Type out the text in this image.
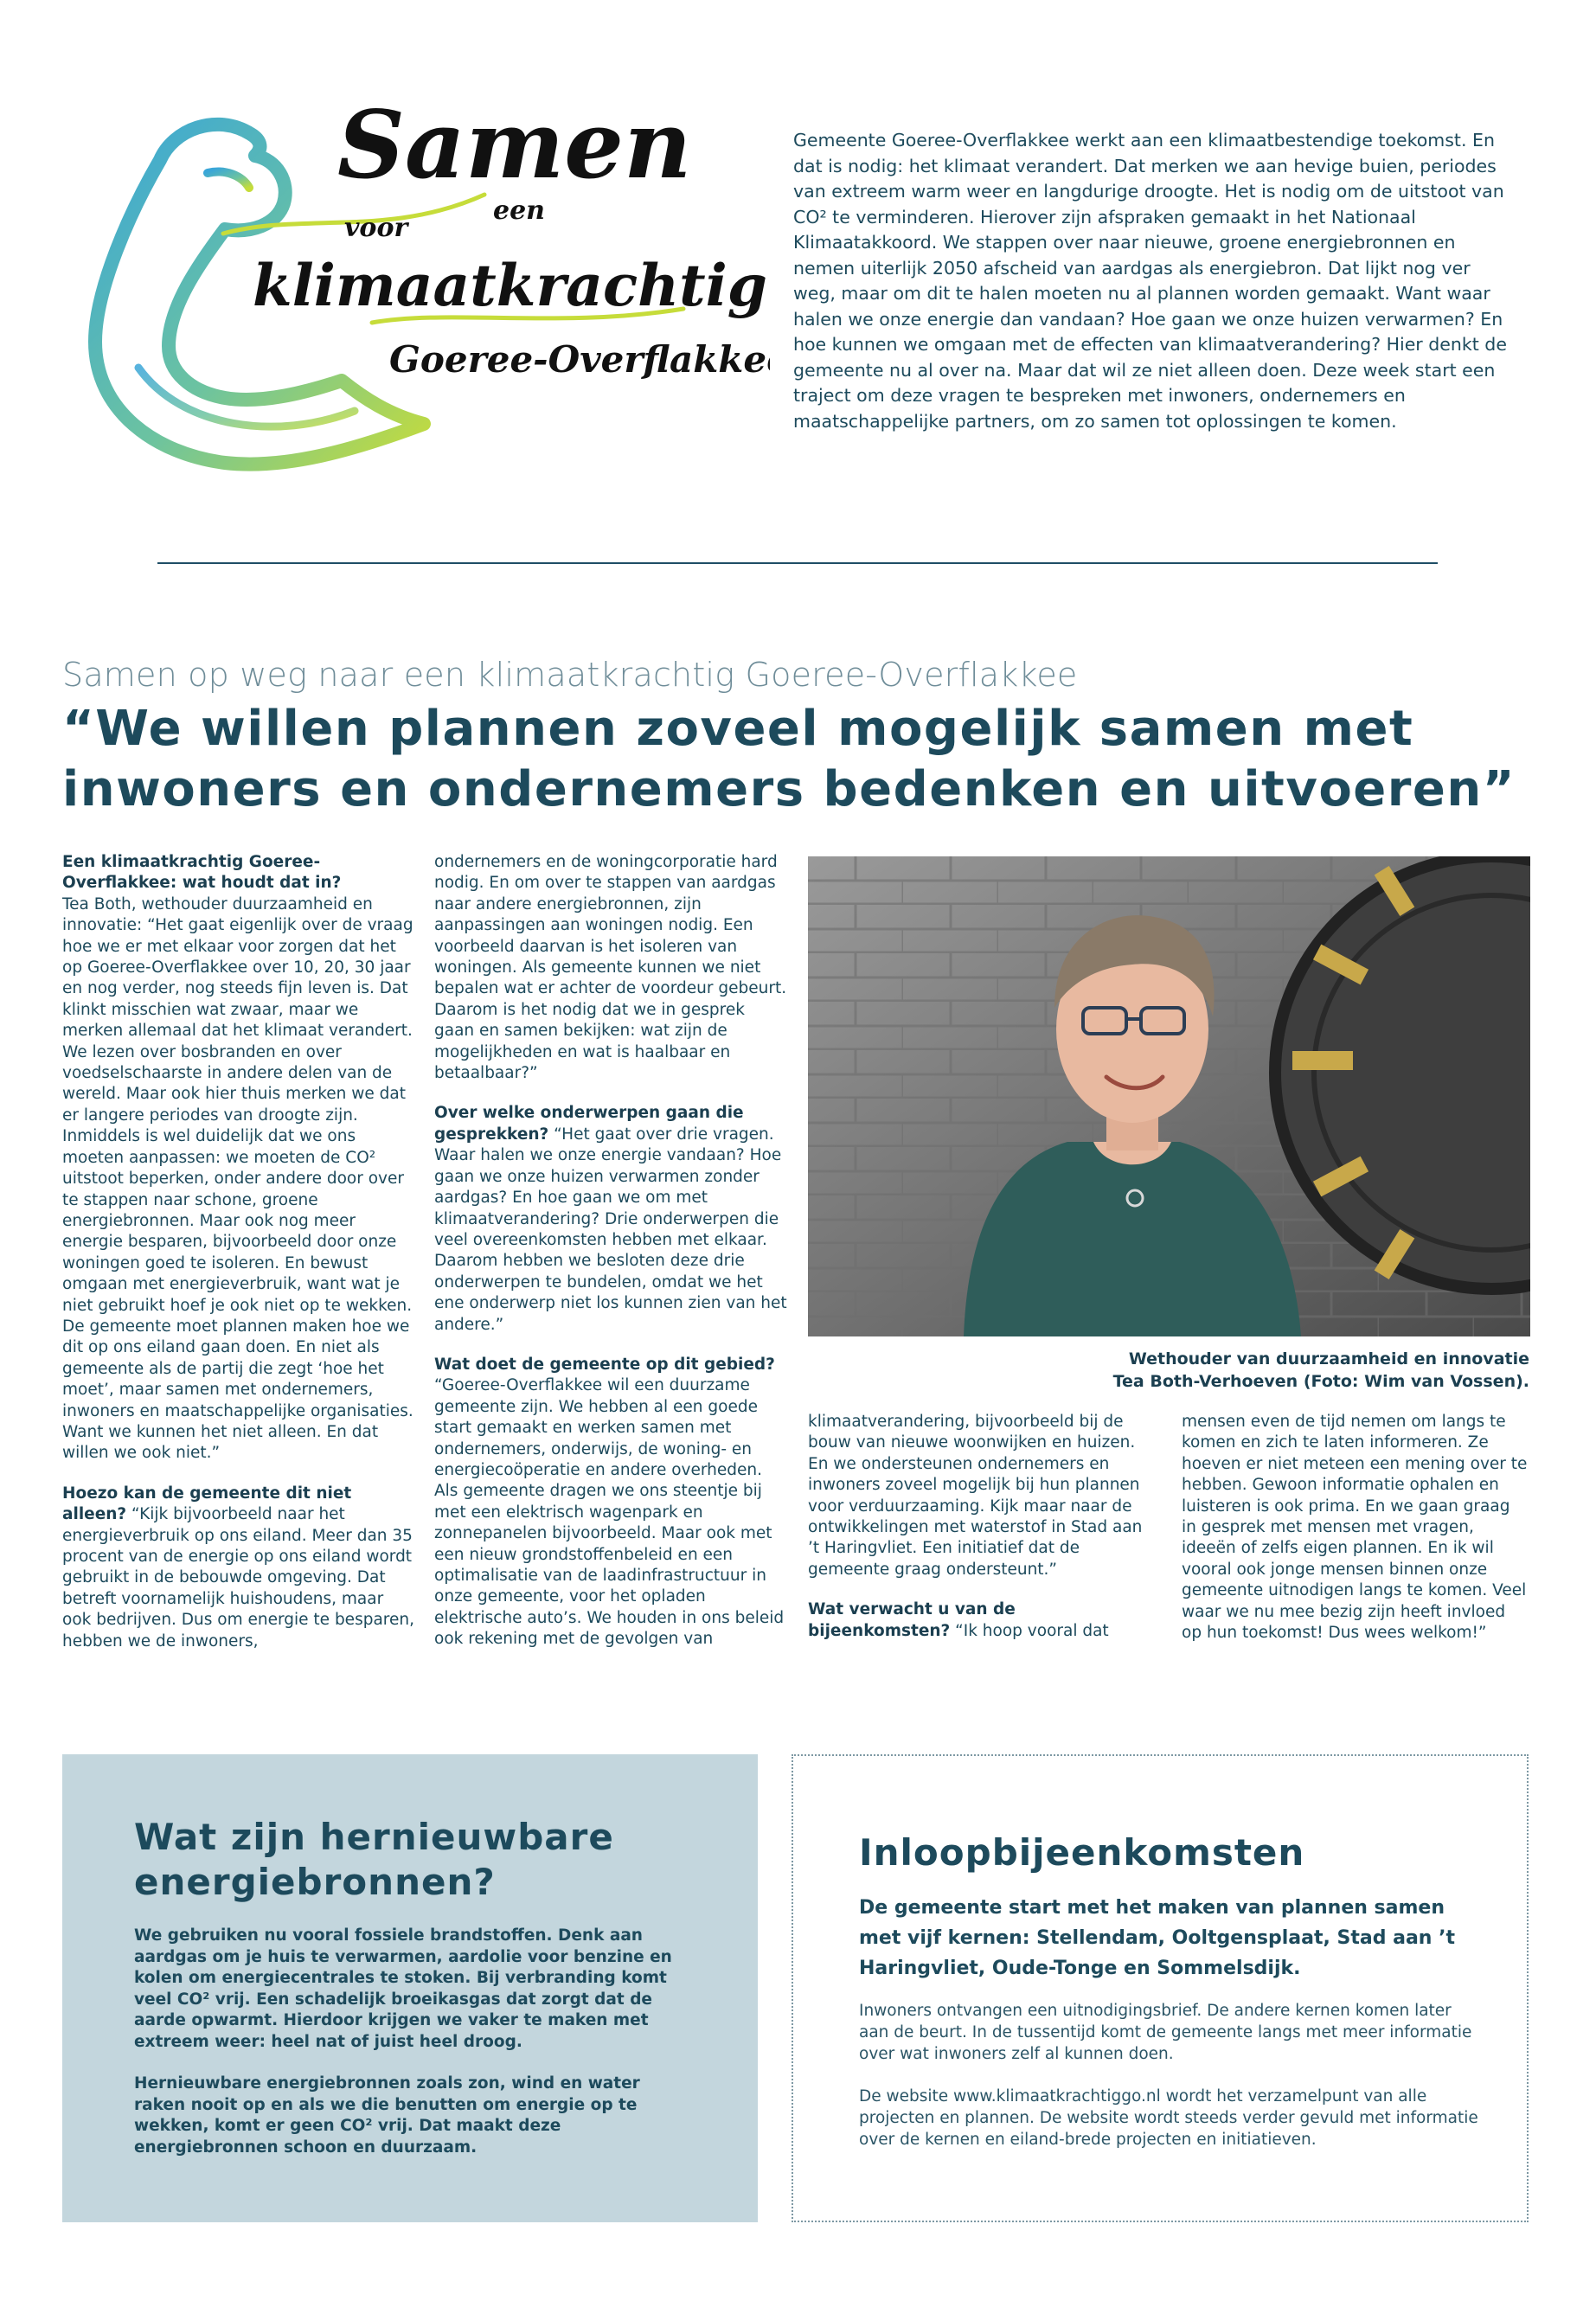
Samen
voor
een
klimaatkrachtig
Goeree-Overflakkee
Gemeente Goeree-Overflakkee werkt aan een klimaatbestendige toekomst. En dat is nodig: het klimaat verandert. Dat merken we aan hevige buien, periodes van extreem warm weer en langdurige droogte. Het is nodig om de uitstoot van CO² te verminderen. Hierover zijn afspraken gemaakt in het Nationaal Klimaatakkoord. We stappen over naar nieuwe, groene energiebronnen en nemen uiterlijk 2050 afscheid van aardgas als energiebron. Dat lijkt nog ver weg, maar om dit te halen moeten nu al plannen worden gemaakt. Want waar halen we onze energie dan vandaan? Hoe gaan we onze huizen verwarmen? En hoe kunnen we omgaan met de effecten van klimaatverandering? Hier denkt de gemeente nu al over na. Maar dat wil ze niet alleen doen. Deze week start een traject om deze vragen te bespreken met inwoners, ondernemers en maatschappelijke partners, om zo samen tot oplossingen te komen.
Samen op weg naar een klimaatkrachtig Goeree-Overflakkee
“We willen plannen zoveel mogelijk samen met inwoners en ondernemers bedenken en uitvoeren”

Een klimaatkrachtig Goeree-Overflakkee: wat houdt dat in?
Tea Both, wethouder duurzaamheid en innovatie: “Het gaat eigenlijk over de vraag hoe we er met elkaar voor zorgen dat het op Goeree-Overflakkee over 10, 20, 30 jaar en nog verder, nog steeds fijn leven is. Dat klinkt misschien wat zwaar, maar we merken allemaal dat het klimaat verandert. We lezen over bosbranden en over voedselschaarste in andere delen van de wereld. Maar ook hier thuis merken we dat er langere periodes van droogte zijn. Inmiddels is wel duidelijk dat we ons moeten aanpassen: we moeten de CO² uitstoot beperken, onder andere door over te stappen naar schone, groene energiebronnen. Maar ook nog meer energie besparen, bijvoorbeeld door onze woningen goed te isoleren. En bewust omgaan met energieverbruik, want wat je niet gebruikt hoef je ook niet op te wekken. De gemeente moet plannen maken hoe we dit op ons eiland gaan doen. En niet als gemeente als de partij die zegt ‘hoe het moet’, maar samen met ondernemers, inwoners en maatschappelijke organisaties. Want we kunnen het niet alleen. En dat willen we ook niet.”

Hoezo kan de gemeente dit niet alleen? “Kijk bijvoorbeeld naar het energieverbruik op ons eiland. Meer dan 35 procent van de energie op ons eiland wordt gebruikt in de bebouwde omgeving. Dat betreft voornamelijk huishoudens, maar ook bedrijven. Dus om energie te besparen, hebben we de inwoners,

ondernemers en de woningcorporatie hard nodig. En om over te stappen van aardgas naar andere energiebronnen, zijn aanpassingen aan woningen nodig. Een voorbeeld daarvan is het isoleren van woningen. Als gemeente kunnen we niet bepalen wat er achter de voordeur gebeurt. Daarom is het nodig dat we in gesprek gaan en samen bekijken: wat zijn de mogelijkheden en wat is haalbaar en betaalbaar?”

Over welke onderwerpen gaan die gesprekken? “Het gaat over drie vragen. Waar halen we onze energie vandaan? Hoe gaan we onze huizen verwarmen zonder aardgas? En hoe gaan we om met klimaatverandering? Drie onderwerpen die veel overeenkomsten hebben met elkaar. Daarom hebben we besloten deze drie onderwerpen te bundelen, omdat we het ene onderwerp niet los kunnen zien van het andere.”

Wat doet de gemeente op dit gebied? “Goeree-Overflakkee wil een duurzame gemeente zijn. We hebben al een goede start gemaakt en werken samen met ondernemers, onderwijs, de woning- en energiecoöperatie en andere overheden. Als gemeente dragen we ons steentje bij met een elektrisch wagenpark en zonnepanelen bijvoorbeeld. Maar ook met een nieuw grondstoffenbeleid en een optimalisatie van de laadinfrastructuur in onze gemeente, voor het opladen elektrische auto’s. We houden in ons beleid ook rekening met de gevolgen van

Wethouder van duurzaamheid en innovatie
Tea Both-Verhoeven (Foto: Wim van Vossen).

klimaatverandering, bijvoorbeeld bij de bouw van nieuwe woonwijken en huizen. En we ondersteunen ondernemers en inwoners zoveel mogelijk bij hun plannen voor verduurzaaming. Kijk maar naar de ontwikkelingen met waterstof in Stad aan ’t Haringvliet. Een initiatief dat de gemeente graag ondersteunt.”

Wat verwacht u van de bijeenkomsten? “Ik hoop vooral dat

mensen even de tijd nemen om langs te komen en zich te laten informeren. Ze hoeven er niet meteen een mening over te hebben. Gewoon informatie ophalen en luisteren is ook prima. En we gaan graag in gesprek met mensen met vragen, ideeën of zelfs eigen plannen. En ik wil vooral ook jonge mensen binnen onze gemeente uitnodigen langs te komen. Veel waar we nu mee bezig zijn heeft invloed op hun toekomst! Dus wees welkom!”

Wat zijn hernieuwbare energiebronnen?

We gebruiken nu vooral fossiele brandstoffen. Denk aan aardgas om je huis te verwarmen, aardolie voor benzine en kolen om energiecentrales te stoken. Bij verbranding komt veel CO² vrij. Een schadelijk broeikasgas dat zorgt dat de aarde opwarmt. Hierdoor krijgen we vaker te maken met extreem weer: heel nat of juist heel droog.

Hernieuwbare energiebronnen zoals zon, wind en water raken nooit op en als we die benutten om energie op te wekken, komt er geen CO² vrij. Dat maakt deze energiebronnen schoon en duurzaam.

Inloopbijeenkomsten
De gemeente start met het maken van plannen samen met vijf kernen: Stellendam, Ooltgensplaat, Stad aan ’t Haringvliet, Oude-Tonge en Sommelsdijk.

Inwoners ontvangen een uitnodigingsbrief. De andere kernen komen later aan de beurt. In de tussentijd komt de gemeente langs met meer informatie over wat inwoners zelf al kunnen doen.

De website www.klimaatkrachtiggo.nl wordt het verzamelpunt van alle projecten en plannen. De website wordt steeds verder gevuld met informatie over de kernen en eiland-brede projecten en initiatieven.
